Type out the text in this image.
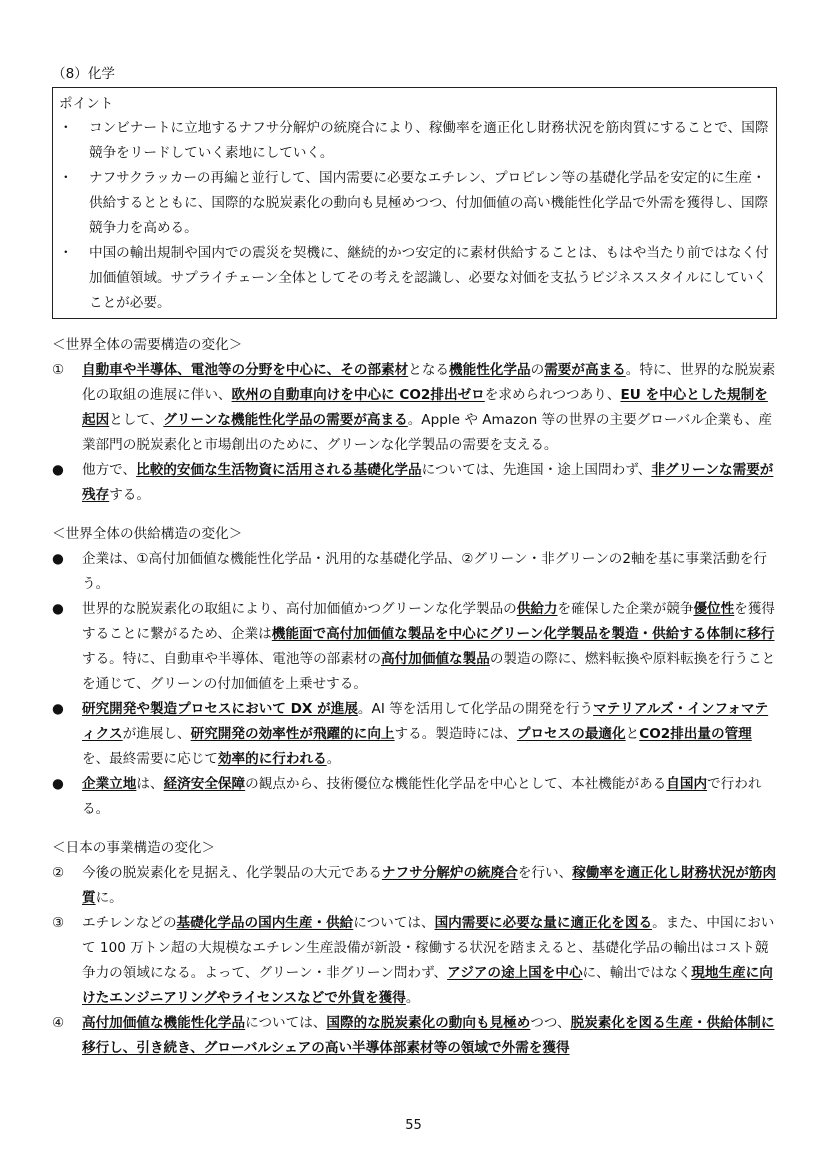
（8）化学
ポイント
・	コンビナートに立地するナフサ分解炉の統廃合により、稼働率を適正化し財務状況を筋肉質にすることで、国際競争をリードしていく素地にしていく。
・	ナフサクラッカーの再編と並行して、国内需要に必要なエチレン、プロピレン等の基礎化学品を安定的に生産・供給するとともに、国際的な脱炭素化の動向も見極めつつ、付加価値の高い機能性化学品で外需を獲得し、国際競争力を高める。
・	中国の輸出規制や国内での震災を契機に、継続的かつ安定的に素材供給することは、もはや当たり前ではなく付加価値領域。サプライチェーン全体としてその考えを認識し、必要な対価を支払うビジネススタイルにしていくことが必要。
＜世界全体の需要構造の変化＞
①	自動車や半導体、電池等の分野を中心に、その部素材となる機能性化学品の需要が高まる。特に、世界的な脱炭素化の取組の進展に伴い、欧州の自動車向けを中心に CO2排出ゼロを求められつつあり、EU を中心とした規制を起因として、グリーンな機能性化学品の需要が高まる。Apple や Amazon 等の世界の主要グローバル企業も、産業部門の脱炭素化と市場創出のために、グリーンな化学製品の需要を支える。
●	他方で、比較的安価な生活物資に活用される基礎化学品については、先進国・途上国問わず、非グリーンな需要が残存する。
＜世界全体の供給構造の変化＞
●	企業は、①高付加価値な機能性化学品・汎用的な基礎化学品、②グリーン・非グリーンの2軸を基に事業活動を行う。
●	世界的な脱炭素化の取組により、高付加価値かつグリーンな化学製品の供給力を確保した企業が競争優位性を獲得することに繋がるため、企業は機能面で高付加価値な製品を中心にグリーン化学製品を製造・供給する体制に移行する。特に、自動車や半導体、電池等の部素材の高付加価値な製品の製造の際に、燃料転換や原料転換を行うことを通じて、グリーンの付加価値を上乗せする。
●	研究開発や製造プロセスにおいて DX が進展。AI 等を活用して化学品の開発を行うマテリアルズ・インフォマティクスが進展し、研究開発の効率性が飛躍的に向上する。製造時には、プロセスの最適化とCO2排出量の管理を、最終需要に応じて効率的に行われる。
●	企業立地は、経済安全保障の観点から、技術優位な機能性化学品を中心として、本社機能がある自国内で行われる。
＜日本の事業構造の変化＞
②	今後の脱炭素化を見据え、化学製品の大元であるナフサ分解炉の統廃合を行い、稼働率を適正化し財務状況が筋肉質に。
③	エチレンなどの基礎化学品の国内生産・供給については、国内需要に必要な量に適正化を図る。また、中国において 100 万トン超の大規模なエチレン生産設備が新設・稼働する状況を踏まえると、基礎化学品の輸出はコスト競争力の領域になる。よって、グリーン・非グリーン問わず、アジアの途上国を中心に、輸出ではなく現地生産に向けたエンジニアリングやライセンスなどで外貨を獲得。
④	高付加価値な機能性化学品については、国際的な脱炭素化の動向も見極めつつ、脱炭素化を図る生産・供給体制に移行し、引き続き、グローバルシェアの高い半導体部素材等の領域で外需を獲得
55
